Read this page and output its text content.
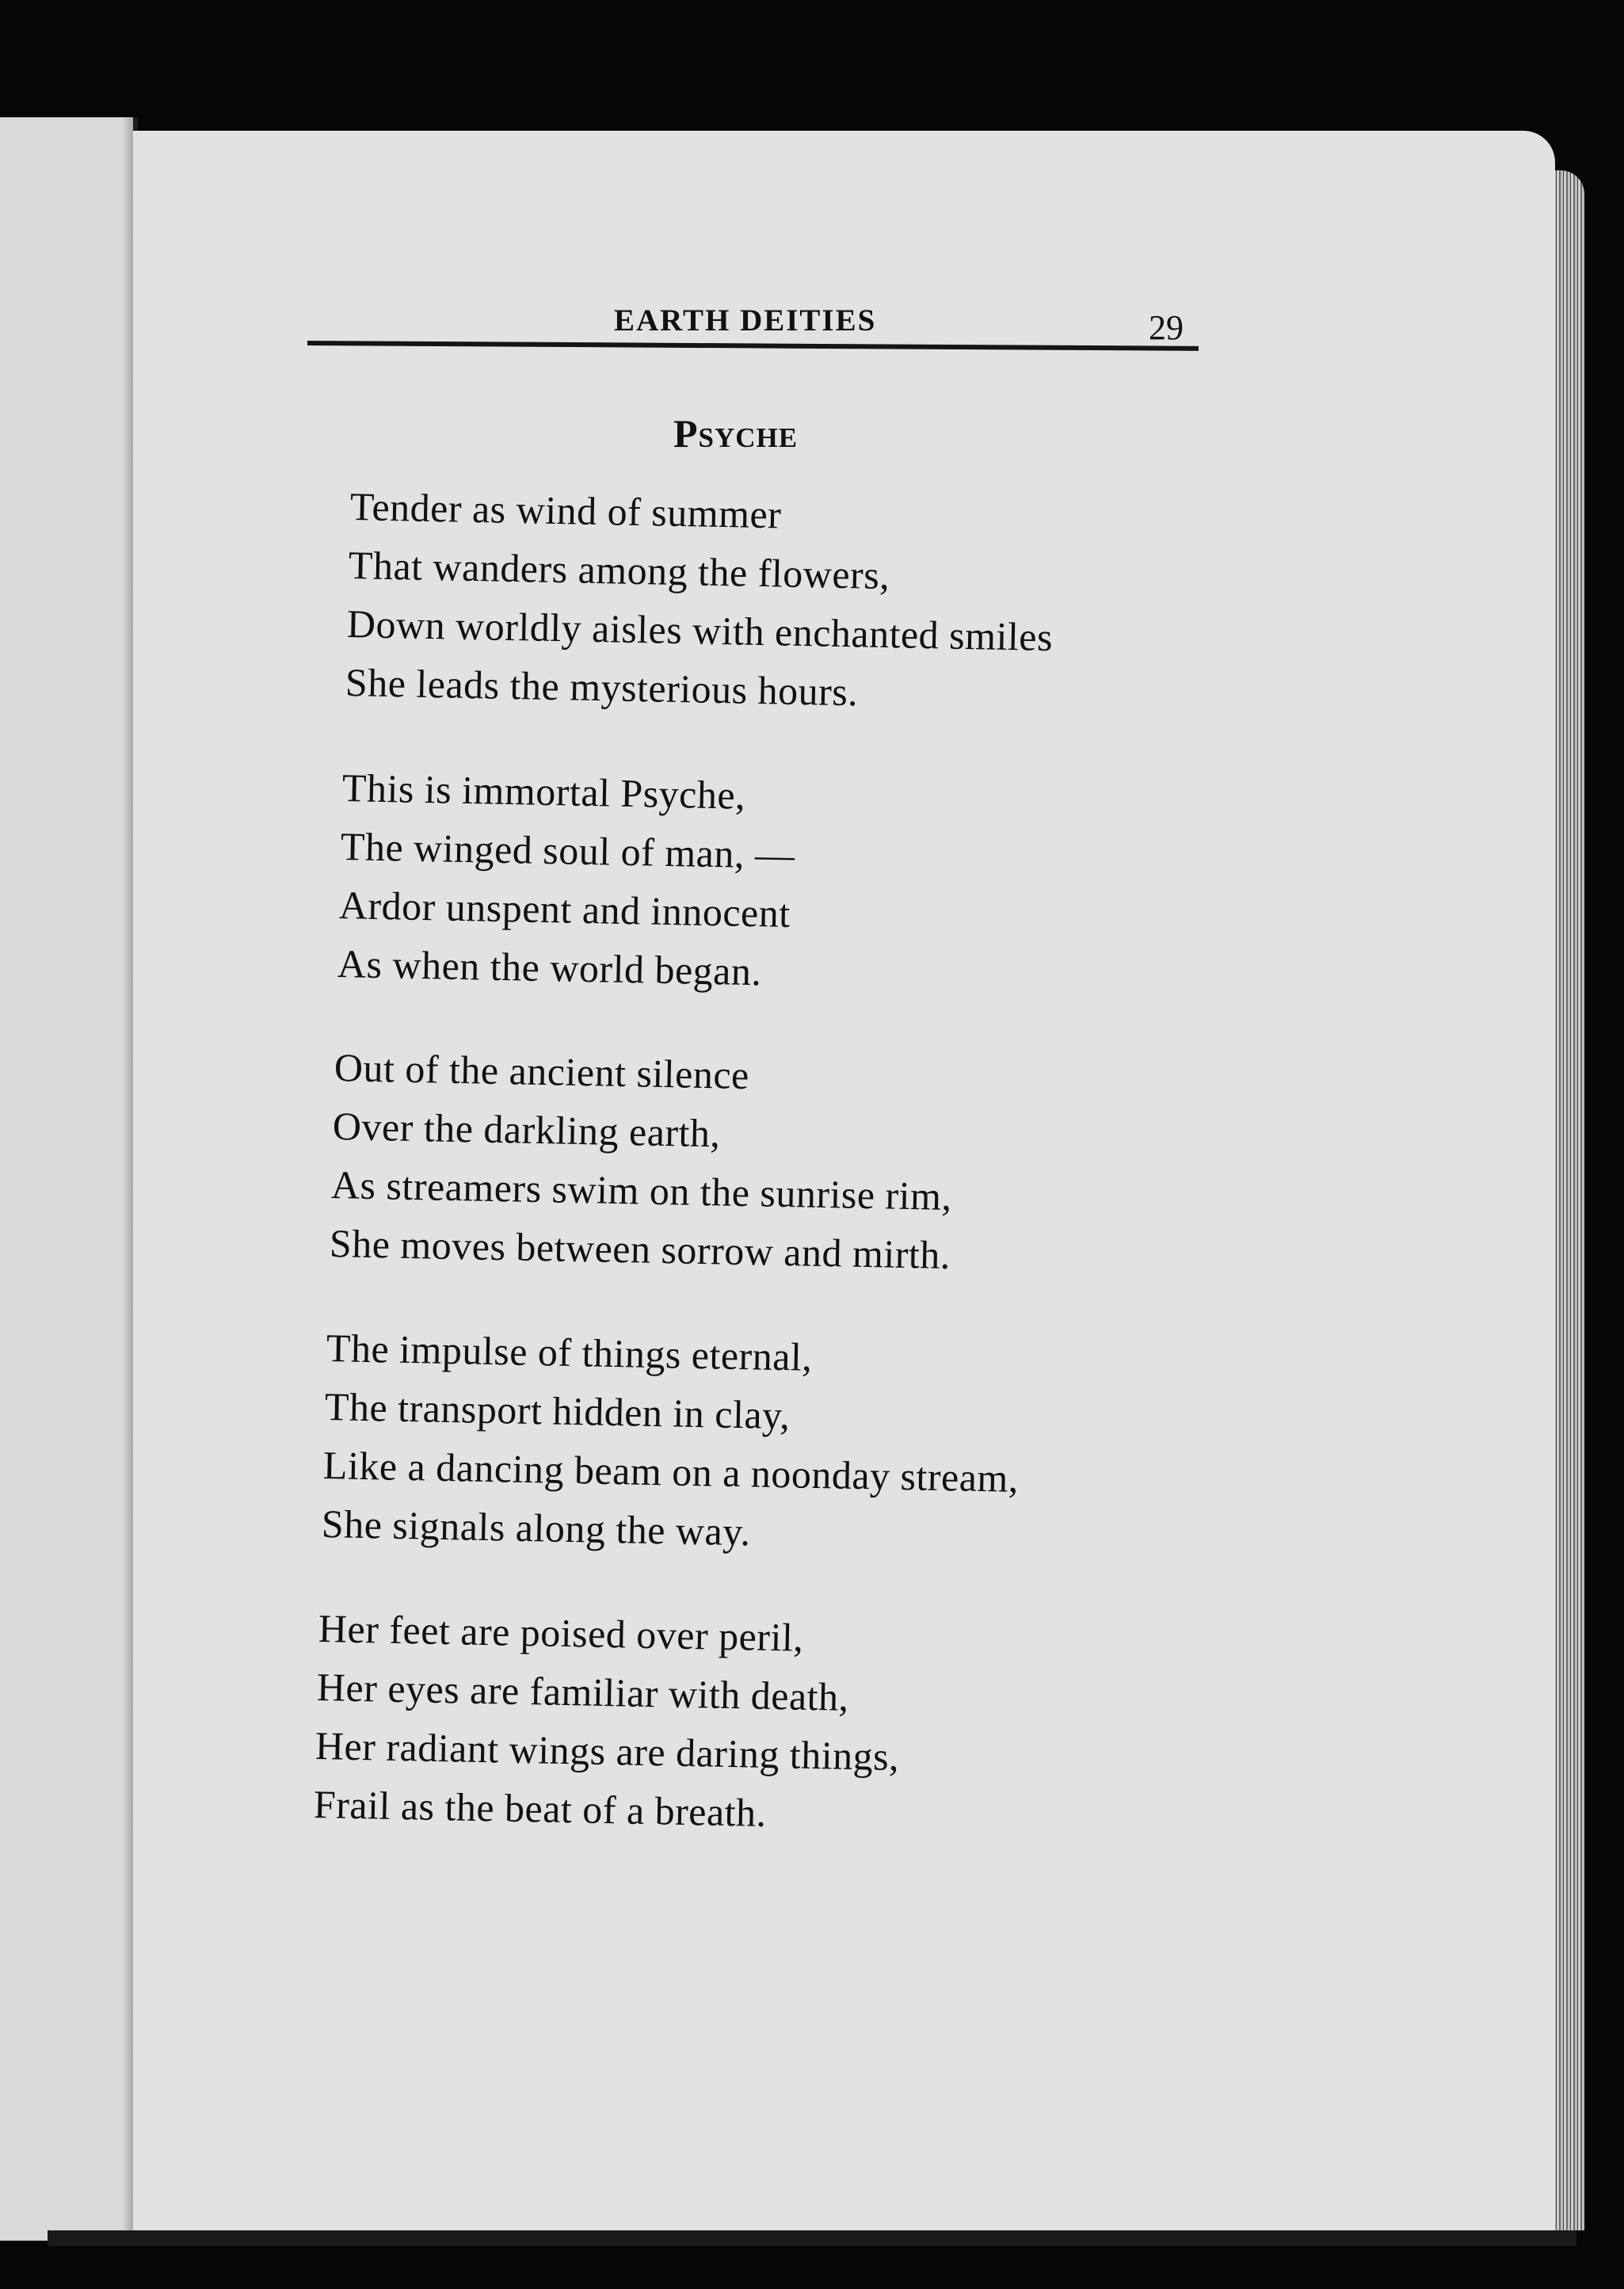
EARTH DEITIES	29
Psyche
Tender as wind of summer
That wanders among the flowers,
Down worldly aisles with enchanted smiles
She leads the mysterious hours.
This is immortal Psyche,
The winged soul of man, —
Ardor unspent and innocent
As when the world began.
Out of the ancient silence
Over the darkling earth,
As streamers swim on the sunrise rim,
She moves between sorrow and mirth.
The impulse of things eternal,
The transport hidden in clay,
Like a dancing beam on a noonday stream,
She signals along the way.
Her feet are poised over peril,
Her eyes are familiar with death,
Her radiant wings are daring things,
Frail as the beat of a breath.
